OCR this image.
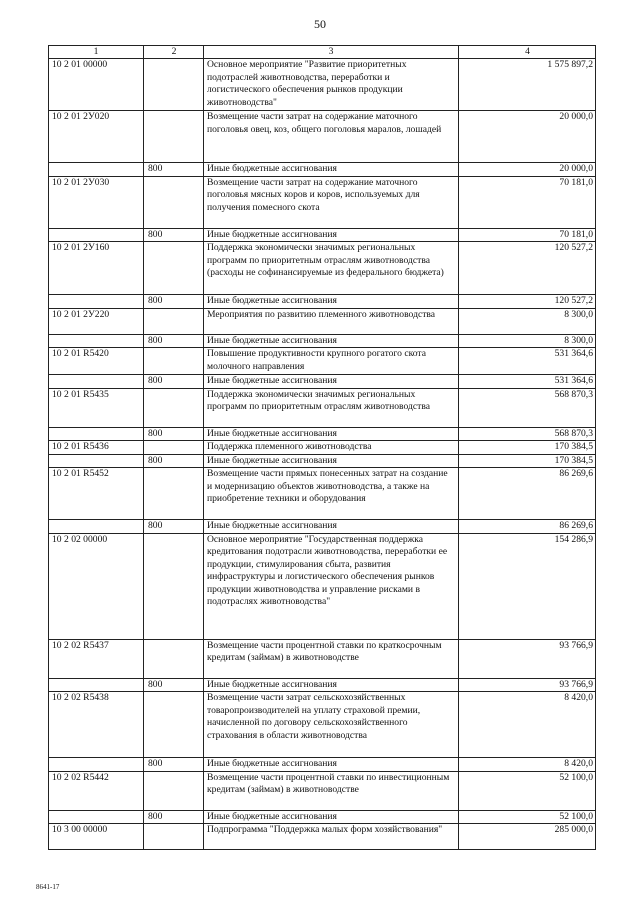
50
1	2	3	4
10 2 01 00000		Основное мероприятие "Развитие приоритетных подотраслей животноводства, переработки и логистического обеспечения рынков продукции животноводства"	1 575 897,2
10 2 01 2У020		Возмещение части затрат на содержание маточного поголовья овец, коз, общего поголовья маралов, лошадей	20 000,0
	800	Иные бюджетные ассигнования	20 000,0
10 2 01 2У030		Возмещение части затрат на содержание маточного поголовья мясных коров и коров, используемых для получения помесного скота	70 181,0
	800	Иные бюджетные ассигнования	70 181,0
10 2 01 2У160		Поддержка экономически значимых региональных программ по приоритетным отраслям животноводства (расходы не софинансируемые из федерального бюджета)	120 527,2
	800	Иные бюджетные ассигнования	120 527,2
10 2 01 2У220		Мероприятия по развитию племенного животноводства	8 300,0
	800	Иные бюджетные ассигнования	8 300,0
10 2 01 R5420		Повышение продуктивности крупного рогатого скота молочного направления	531 364,6
	800	Иные бюджетные ассигнования	531 364,6
10 2 01 R5435		Поддержка экономически значимых региональных программ по приоритетным отраслям животноводства	568 870,3
	800	Иные бюджетные ассигнования	568 870,3
10 2 01 R5436		Поддержка племенного животноводства	170 384,5
	800	Иные бюджетные ассигнования	170 384,5
10 2 01 R5452		Возмещение части прямых понесенных затрат на создание и модернизацию объектов животноводства, а также на приобретение техники и оборудования	86 269,6
	800	Иные бюджетные ассигнования	86 269,6
10 2 02 00000		Основное мероприятие "Государственная поддержка кредитования подотрасли животноводства, переработки ее продукции, стимулирования сбыта, развития инфраструктуры и логистического обеспечения рынков продукции животноводства и управление рисками в подотраслях животноводства"	154 286,9
10 2 02 R5437		Возмещение части процентной ставки по краткосрочным кредитам (займам) в животноводстве	93 766,9
	800	Иные бюджетные ассигнования	93 766,9
10 2 02 R5438		Возмещение части затрат сельскохозяйственных товаропроизводителей на уплату страховой премии, начисленной по договору сельскохозяйственного страхования в области животноводства	8 420,0
	800	Иные бюджетные ассигнования	8 420,0
10 2 02 R5442		Возмещение части процентной ставки по инвестиционным кредитам (займам) в животноводстве	52 100,0
	800	Иные бюджетные ассигнования	52 100,0
10 3 00 00000		Подпрограмма "Поддержка малых форм хозяйствования"	285 000,0
8641-17
